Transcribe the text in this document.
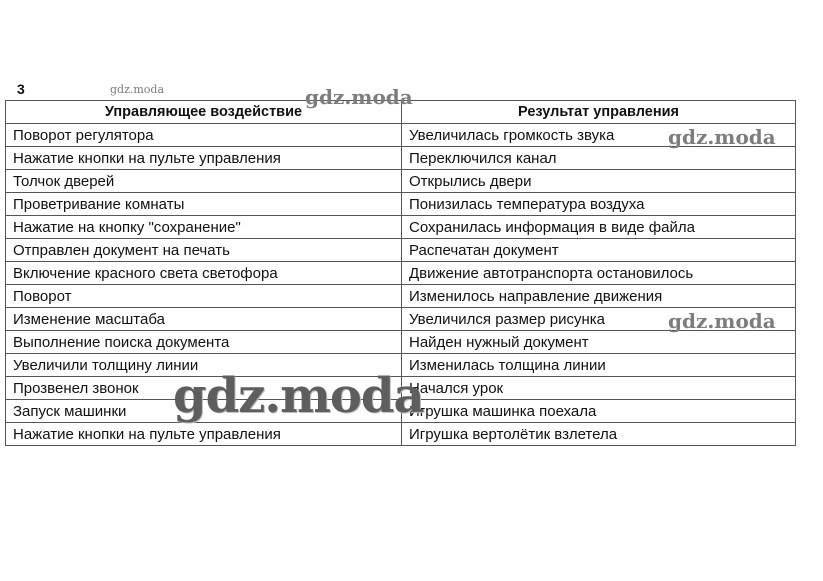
3
Управляющее воздействие	Результат управления
Поворот регулятора	Увеличилась громкость звука
Нажатие кнопки на пульте управления	Переключился канал
Толчок дверей	Открылись двери
Проветривание комнаты	Понизилась температура воздуха
Нажатие на кнопку "сохранение"	Сохранилась информация в виде файла
Отправлен документ на печать	Распечатан документ
Включение красного света светофора	Движение автотранспорта остановилось
Поворот	Изменилось направление движения
Изменение масштаба	Увеличился размер рисунка
Выполнение поиска документа	Найден нужный документ
Увеличили толщину линии	Изменилась толщина линии
Прозвенел звонок	Начался урок
Запуск машинки	Игрушка машинка поехала
Нажатие кнопки на пульте управления	Игрушка вертолётик взлетела
gdz.moda	gdz.moda
gdz.moda
gdz.moda
gdz.moda
